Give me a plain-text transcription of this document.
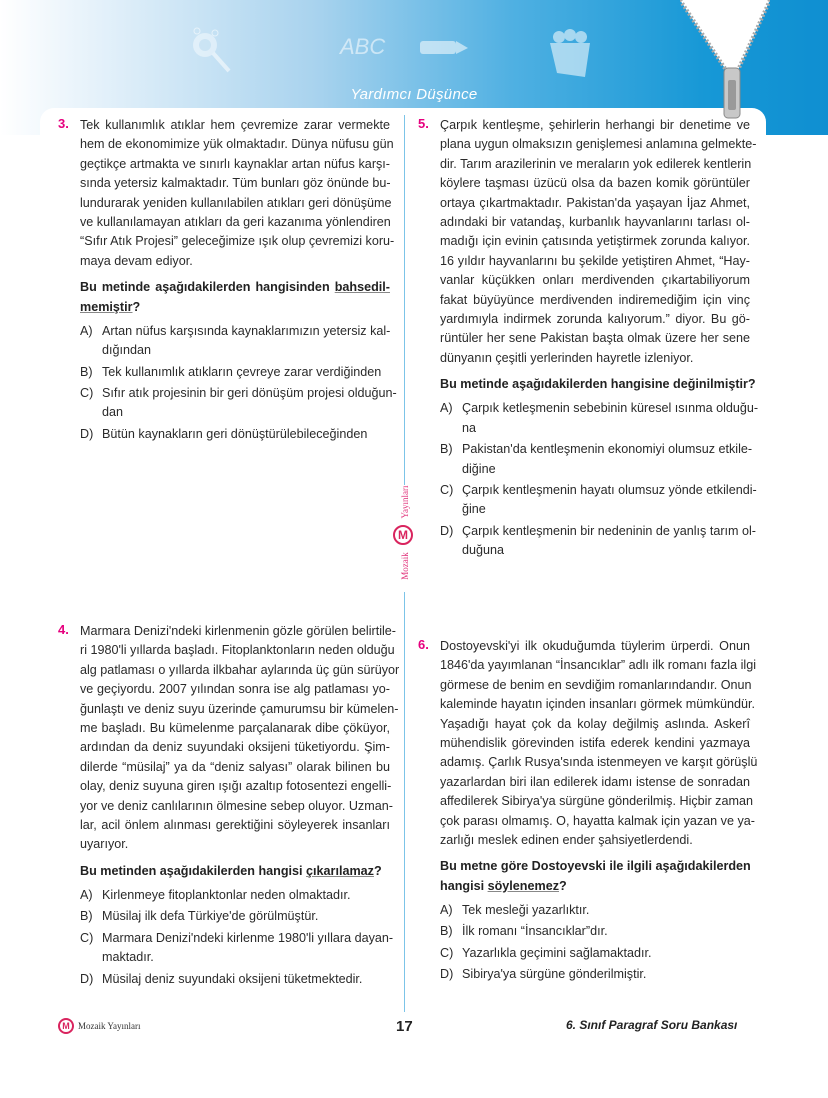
ABC
Yardımcı Düşünce
Yayınları
M
Mozaik
3. Tek kullanımlık atıklar hem çevremize zarar vermekte
hem de ekonomimize yük olmaktadır. Dünya nüfusu gün
geçtikçe artmakta ve sınırlı kaynaklar artan nüfus karşı-
sında yetersiz kalmaktadır. Tüm bunları göz önünde bu-
lundurarak yeniden kullanılabilen atıkları geri dönüşüme
ve kullanılamayan atıkları da geri kazanıma yönlendiren
“Sıfır Atık Projesi” geleceğimize ışık olup çevremizi koru-
maya devam ediyor.
Bu metinde aşağıdakilerden hangisinden bahsedil-
memiştir?
A) Artan nüfus karşısında kaynaklarımızın yetersiz kal-
dığından
B) Tek kullanımlık atıkların çevreye zarar verdiğinden
C) Sıfır atık projesinin bir geri dönüşüm projesi olduğun-
dan
D) Bütün kaynakların geri dönüştürülebileceğinden
5. Çarpık kentleşme, şehirlerin herhangi bir denetime ve
plana uygun olmaksızın genişlemesi anlamına gelmekte-
dir. Tarım arazilerinin ve meraların yok edilerek kentlerin
köylere taşması üzücü olsa da bazen komik görüntüler
ortaya çıkartmaktadır. Pakistan'da yaşayan İjaz Ahmet,
adındaki bir vatandaş, kurbanlık hayvanlarını tarlası ol-
madığı için evinin çatısında yetiştirmek zorunda kalıyor.
16 yıldır hayvanlarını bu şekilde yetiştiren Ahmet, “Hay-
vanlar küçükken onları merdivenden çıkartabiliyorum
fakat büyüyünce merdivenden indiremediğim için vinç
yardımıyla indirmek zorunda kalıyorum.” diyor. Bu gö-
rüntüler her sene Pakistan başta olmak üzere her sene
dünyanın çeşitli yerlerinden hayretle izleniyor.
Bu metinde aşağıdakilerden hangisine değinilmiştir?
A) Çarpık ketleşmenin sebebinin küresel ısınma olduğu-
na
B) Pakistan'da kentleşmenin ekonomiyi olumsuz etkile-
diğine
C) Çarpık kentleşmenin hayatı olumsuz yönde etkilendi-
ğine
D) Çarpık kentleşmenin bir nedeninin de yanlış tarım ol-
duğuna
4. Marmara Denizi'ndeki kirlenmenin gözle görülen belirtile-
ri 1980'li yıllarda başladı. Fitoplanktonların neden olduğu
alg patlaması o yıllarda ilkbahar aylarında üç gün sürüyor
ve geçiyordu. 2007 yılından sonra ise alg patlaması yo-
ğunlaştı ve deniz suyu üzerinde çamurumsu bir kümelen-
me başladı. Bu kümelenme parçalanarak dibe çöküyor,
ardından da deniz suyundaki oksijeni tüketiyordu. Şim-
dilerde “müsilaj” ya da “deniz salyası” olarak bilinen bu
olay, deniz suyuna giren ışığı azaltıp fotosentezi engelli-
yor ve deniz canlılarının ölmesine sebep oluyor. Uzman-
lar, acil önlem alınması gerektiğini söyleyerek insanları
uyarıyor.
Bu metinden aşağıdakilerden hangisi çıkarılamaz?
A) Kirlenmeye fitoplanktonlar neden olmaktadır.
B) Müsilaj ilk defa Türkiye'de görülmüştür.
C) Marmara Denizi'ndeki kirlenme 1980'li yıllara dayan-
maktadır.
D) Müsilaj deniz suyundaki oksijeni tüketmektedir.
6. Dostoyevski'yi ilk okuduğumda tüylerim ürperdi. Onun
1846'da yayımlanan “İnsancıklar” adlı ilk romanı fazla ilgi
görmese de benim en sevdiğim romanlarındandır. Onun
kaleminde hayatın içinden insanları görmek mümkündür.
Yaşadığı hayat çok da kolay değilmiş aslında. Askerî
mühendislik görevinden istifa ederek kendini yazmaya
adamış. Çarlık Rusya'sında istenmeyen ve karşıt görüşlü
yazarlardan biri ilan edilerek idamı istense de sonradan
affedilerek Sibirya'ya sürgüne gönderilmiş. Hiçbir zaman
çok parası olmamış. O, hayatta kalmak için yazan ve ya-
zarlığı meslek edinen ender şahsiyetlerdendi.
Bu metne göre Dostoyevski ile ilgili aşağıdakilerden
hangisi söylenemez?
A) Tek mesleği yazarlıktır.
B) İlk romanı “İnsancıklar”dır.
C) Yazarlıkla geçimini sağlamaktadır.
D) Sibirya'ya sürgüne gönderilmiştir.
M Mozaik Yayınları	17	6. Sınıf Paragraf Soru Bankası
